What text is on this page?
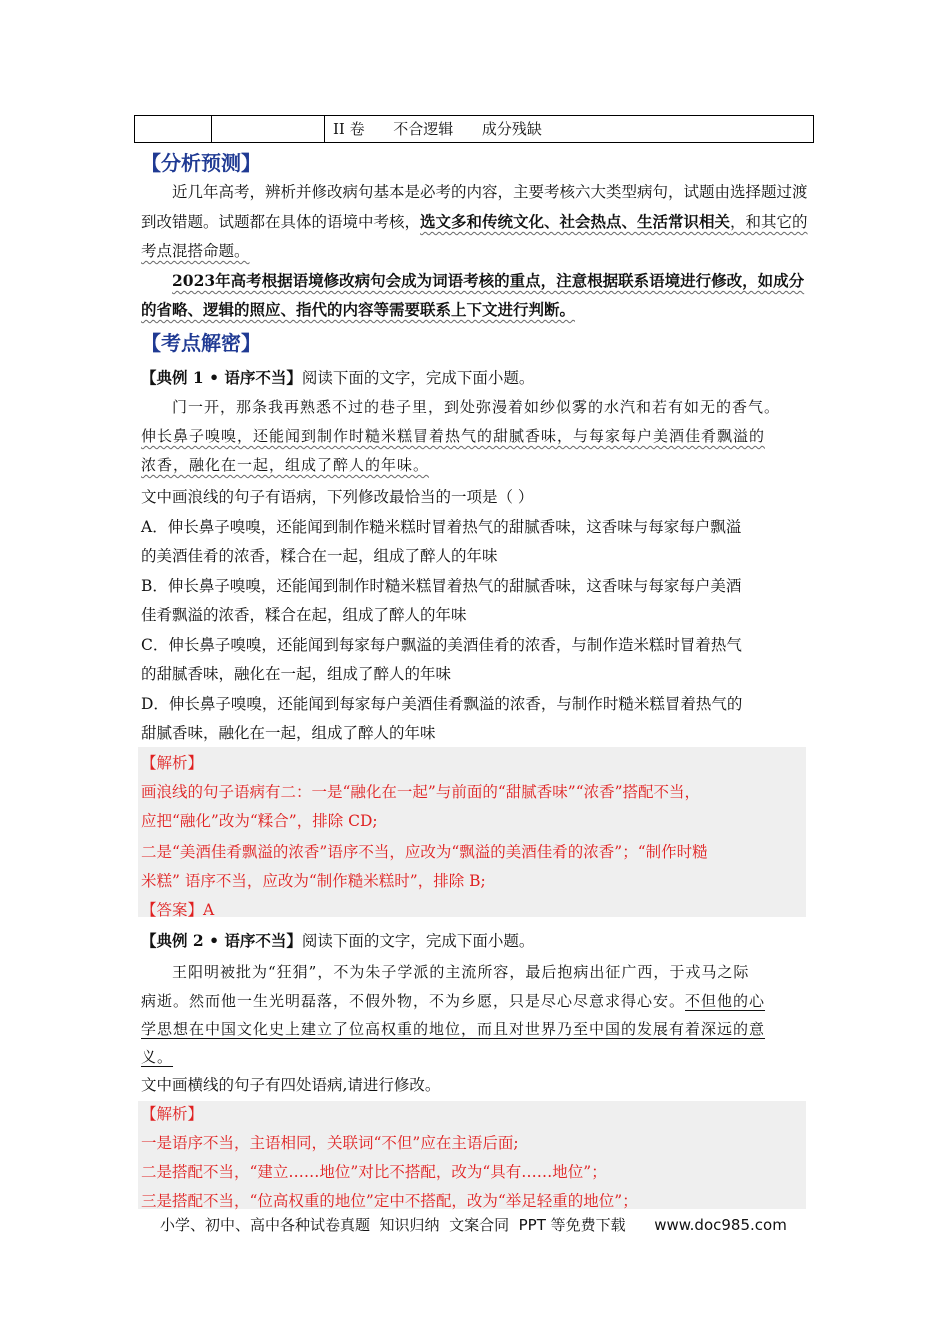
II 卷      不合逻辑      成分残缺
【分析预测】
近几年高考，辨析并修改病句基本是必考的内容，主要考核六大类型病句，试题由选择题过渡到改错题。试题都在具体的语境中考核，选文多和传统文化、社会热点、生活常识相关，和其它的考点混搭命题。
2023年高考根据语境修改病句会成为词语考核的重点，注意根据联系语境进行修改，如成分的省略、逻辑的照应、指代的内容等需要联系上下文进行判断。
【考点解密】
【典例 1 • 语序不当】阅读下面的文字，完成下面小题。
门一开，那条我再熟悉不过的巷子里，到处弥漫着如纱似雾的水汽和若有如无的香气。
伸长鼻子嗅嗅，还能闻到制作时糙米糕冒着热气的甜腻香味，与每家每户美酒佳肴飘溢的
浓香，融化在一起，组成了醉人的年味。
文中画浪线的句子有语病，下列修改最恰当的一项是（ ）
A．伸长鼻子嗅嗅，还能闻到制作糙米糕时冒着热气的甜腻香味，这香味与每家每户飘溢
的美酒佳肴的浓香，糅合在一起，组成了醉人的年味
B．伸长鼻子嗅嗅，还能闻到制作时糙米糕冒着热气的甜腻香味，这香味与每家每户美酒
佳肴飘溢的浓香，糅合在起，组成了醉人的年味
C．伸长鼻子嗅嗅，还能闻到每家每户飘溢的美酒佳肴的浓香，与制作造米糕时冒着热气
的甜腻香味，融化在一起，组成了醉人的年味
D．伸长鼻子嗅嗅，还能闻到每家每户美酒佳肴飘溢的浓香，与制作时糙米糕冒着热气的
甜腻香味，融化在一起，组成了醉人的年味
【解析】
画浪线的句子语病有二：一是“融化在一起”与前面的“甜腻香味”“浓香”搭配不当，
应把“融化”改为“糅合”，排除 CD;
二是“美酒佳肴飘溢的浓香”语序不当，应改为“飘溢的美酒佳肴的浓香”；“制作时糙
米糕” 语序不当，应改为“制作糙米糕时”，排除 B;
【答案】A
【典例 2 • 语序不当】阅读下面的文字，完成下面小题。
王阳明被批为“狂狷”，不为朱子学派的主流所容，最后抱病出征广西，于戎马之际
病逝。然而他一生光明磊落，不假外物，不为乡愿，只是尽心尽意求得心安。不但他的心
学思想在中国文化史上建立了位高权重的地位，而且对世界乃至中国的发展有着深远的意
义。
文中画横线的句子有四处语病,请进行修改。
【解析】
一是语序不当，主语相同，关联词“不但”应在主语后面;
二是搭配不当，“建立……地位”对比不搭配，改为“具有……地位”；
三是搭配不当，“位高权重的地位”定中不搭配，改为“举足轻重的地位”；
小学、初中、高中各种试卷真题  知识归纳  文案合同  PPT 等免费下载      www.doc985.com
